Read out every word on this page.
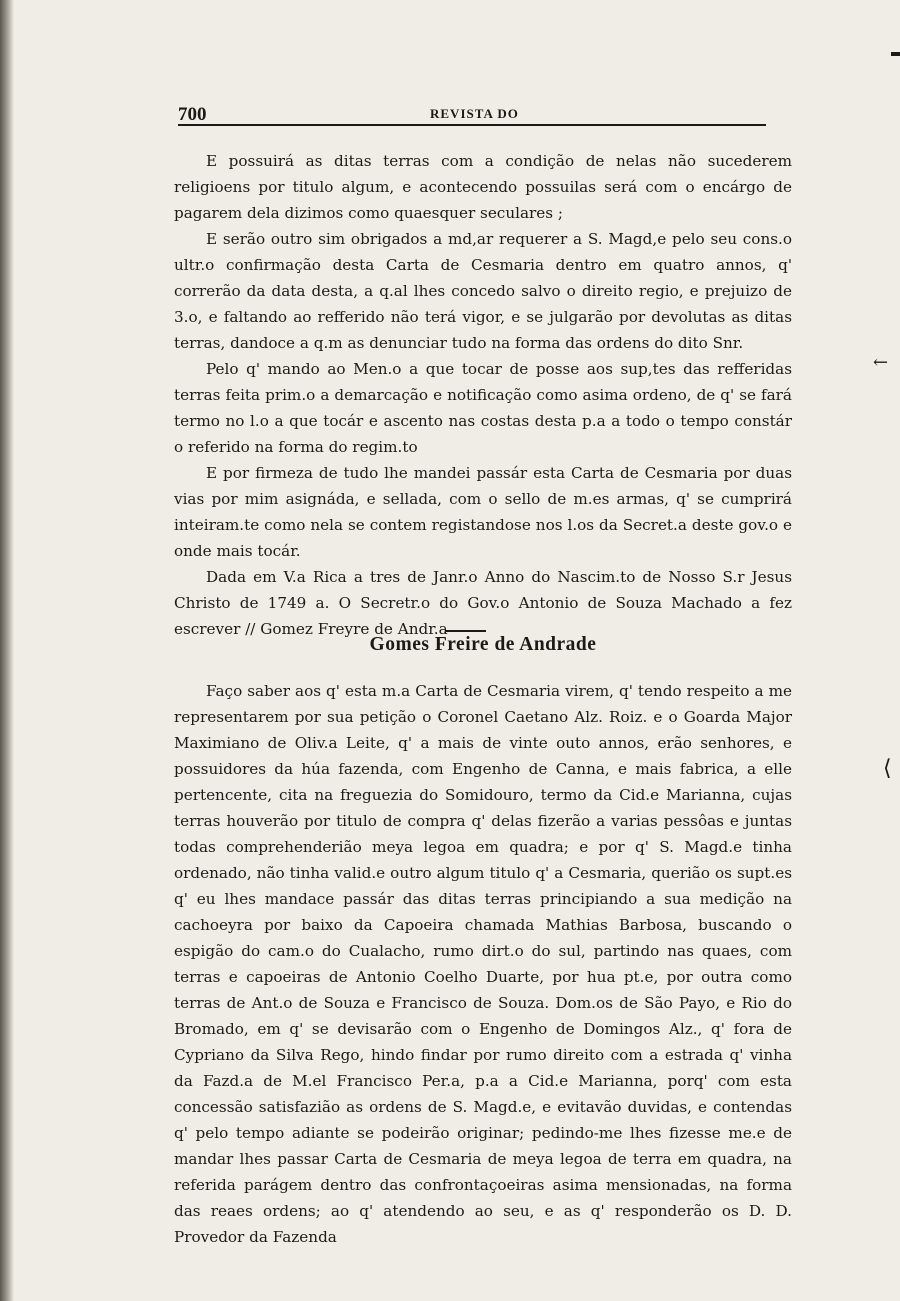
←
⟨
700	REVISTA DO

E possuirá as ditas terras com a condição de nelas não sucederem religioens por titulo algum, e acontecendo possuilas será com o encárgo de pagarem dela dizimos como quaesquer seculares ;

E serão outro sim obrigados a md,ar requerer a S. Magd,e pelo seu cons.o ultr.o confirmação desta Carta de Cesmaria dentro em quatro annos, q' correrão da data desta, a q.al lhes concedo salvo o direito regio, e prejuizo de 3.o, e faltando ao refferido não terá vigor, e se julgarão por devolutas as ditas terras, dandoce a q.m as denunciar tudo na forma das ordens do dito Snr.

Pelo q' mando ao Men.o a que tocar de posse aos sup,tes das refferidas terras feita prim.o a demarcação e notificação como asima ordeno, de q' se fará termo no l.o a que tocár e ascento nas costas desta p.a a todo o tempo constár o referido na forma do regim.to

E por firmeza de tudo lhe mandei passár esta Carta de Cesmaria por duas vias por mim asignáda, e sellada, com o sello de m.es armas, q' se cumprirá inteiram.te como nela se contem registandose nos l.os da Secret.a deste gov.o e onde mais tocár.

Dada em V.a Rica a tres de Janr.o Anno do Nascim.to de Nosso S.r Jesus Christo de 1749 a. O Secretr.o do Gov.o Antonio de Souza Machado a fez escrever // Gomez Freyre de Andr.a

Gomes Freire de Andrade

Faço saber aos q' esta m.a Carta de Cesmaria virem, q' tendo respeito a me representarem por sua petição o Coronel Caetano Alz. Roiz. e o Goarda Major Maximiano de Oliv.a Leite, q' a mais de vinte outo annos, erão senhores, e possuidores da húa fazenda, com Engenho de Canna, e mais fabrica, a elle pertencente, cita na freguezia do Somidouro, termo da Cid.e Marianna, cujas terras houverão por titulo de compra q' delas fizerão a varias pessôas e juntas todas comprehenderião meya legoa em quadra; e por q' S. Magd.e tinha ordenado, não tinha valid.e outro algum titulo q' a Cesmaria, querião os supt.es q' eu lhes mandace passár das ditas terras principiando a sua medição na cachoeyra por baixo da Capoeira chamada Mathias Barbosa, buscando o espigão do cam.o do Cualacho, rumo dirt.o do sul, partindo nas quaes, com terras e capoeiras de Antonio Coelho Duarte, por hua pt.e, por outra como terras de Ant.o de Souza e Francisco de Souza. Dom.os de São Payo, e Rio do Bromado, em q' se devisarão com o Engenho de Domingos Alz., q' fora de Cypriano da Silva Rego, hindo findar por rumo direito com a estrada q' vinha da Fazd.a de M.el Francisco Per.a, p.a a Cid.e Marianna, porq' com esta concessão satisfazião as ordens de S. Magd.e, e evitavão duvidas, e contendas q' pelo tempo adiante se podeirão originar; pedindo-me lhes fizesse me.e de mandar lhes passar Carta de Cesmaria de meya legoa de terra em quadra, na referida parágem dentro das confrontaçoeiras asima mensionadas, na forma das reaes ordens; ao q' atendendo ao seu, e as q' responderão os D. D. Provedor da Fazenda
